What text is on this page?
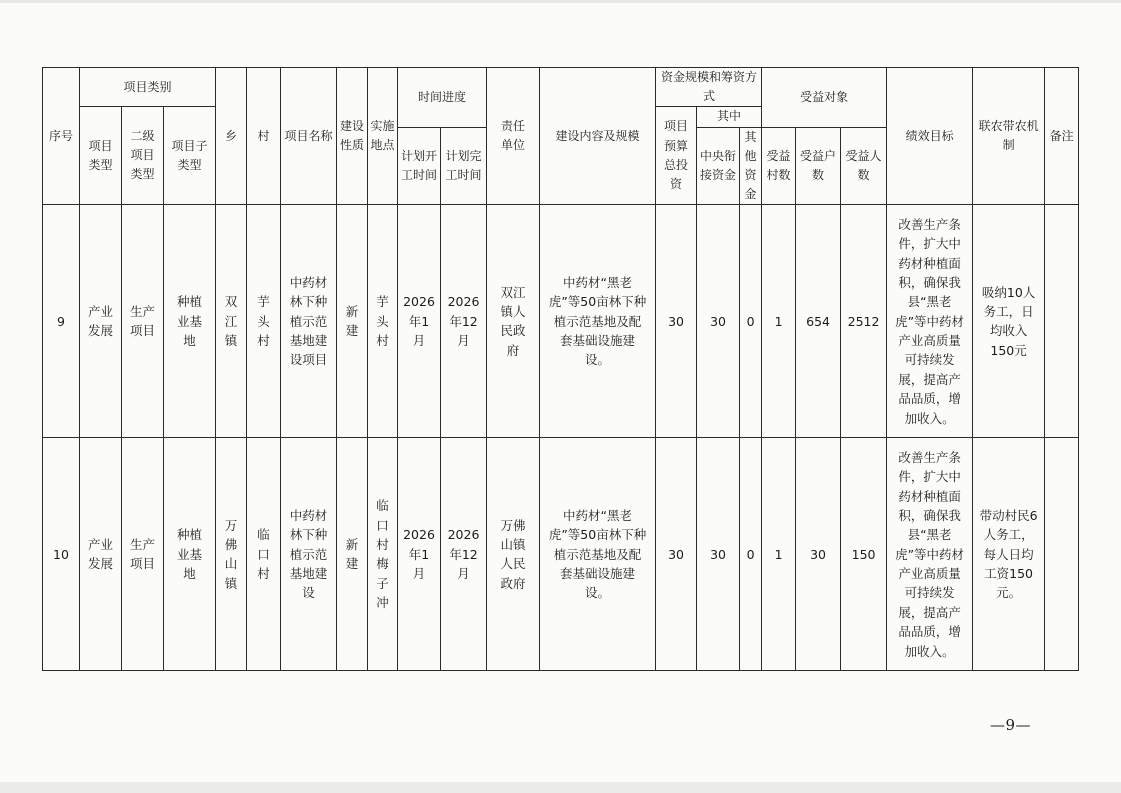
序号	项目类别			乡	村	项目名称	建设性质	实施地点	时间进度		责任单位	建设内容及规模	资金规模和筹资方式			受益对象			绩效目标	联农带农机制	备注
	项目类型	二级项目类型	项目子类型										项目预算总投资	其中							
									计划开工时间	计划完工时间				中央衔接资金	其他资金	受益村数	受益户数	受益人数			
9	产业发展	生产项目	种植业基地	双江镇	芋头村	中药材林下种植示范基地建设项目	新建	芋头村	2026年1月	2026年12月	双江镇人民政府	中药材“黑老虎”等50亩林下种植示范基地及配套基础设施建设。	30	30	0	1	654	2512	改善生产条件，扩大中药材种植面积，确保我县“黑老虎”等中药材产业高质量可持续发展，提高产品品质，增加收入。	吸纳10人务工，日均收入150元	
10	产业发展	生产项目	种植业基地	万佛山镇	临口村	中药材林下种植示范基地建设	新建	临口村梅子冲	2026年1月	2026年12月	万佛山镇人民政府	中药材“黑老虎”等50亩林下种植示范基地及配套基础设施建设。	30	30	0	1	30	150	改善生产条件，扩大中药材种植面积，确保我县“黑老虎”等中药材产业高质量可持续发展，提高产品品质，增加收入。	带动村民6人务工，每人日均工资150元。	
—9—
